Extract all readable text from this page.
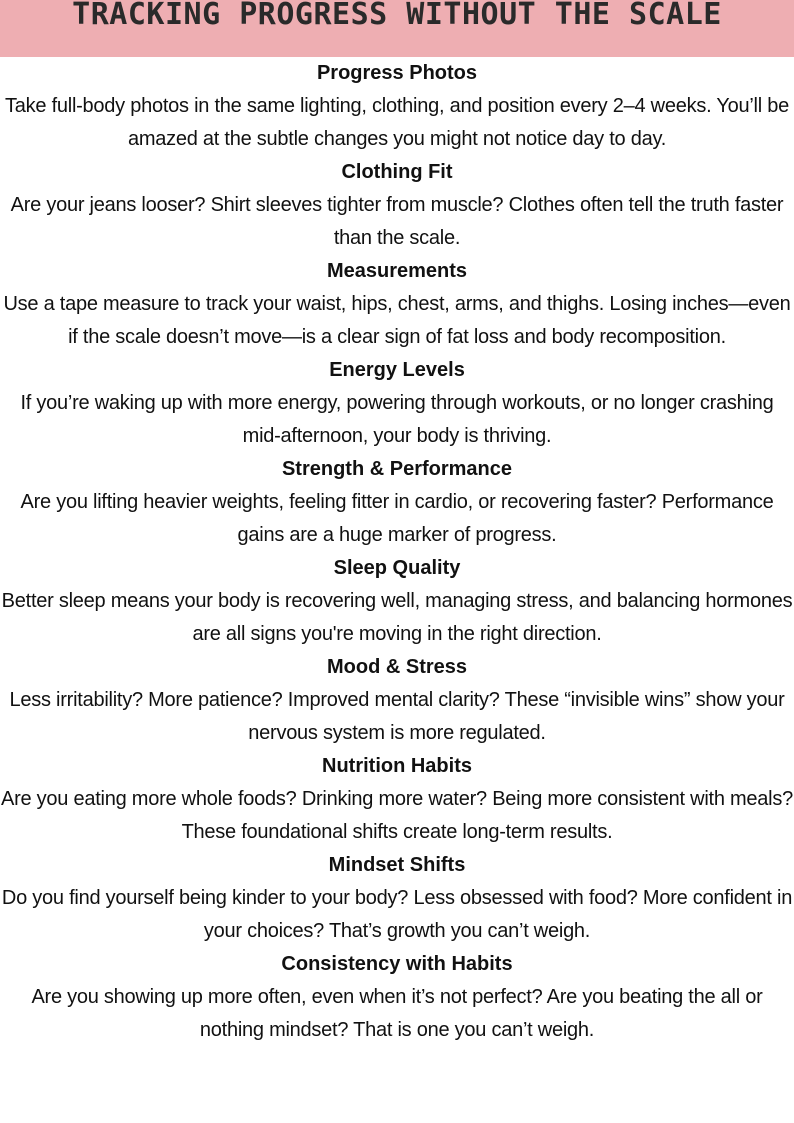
TRACKING PROGRESS WITHOUT THE SCALE

Progress Photos

Take full-body photos in the same lighting, clothing, and position every 2–4 weeks. You’ll be amazed at the subtle changes you might not notice day to day.

Clothing Fit

Are your jeans looser? Shirt sleeves tighter from muscle? Clothes often tell the truth faster than the scale.

Measurements

Use a tape measure to track your waist, hips, chest, arms, and thighs. Losing inches—even if the scale doesn’t move—is a clear sign of fat loss and body recomposition.

Energy Levels

If you’re waking up with more energy, powering through workouts, or no longer crashing mid-afternoon, your body is thriving.

Strength & Performance

Are you lifting heavier weights, feeling fitter in cardio, or recovering faster? Performance gains are a huge marker of progress.

Sleep Quality

Better sleep means your body is recovering well, managing stress, and balancing hormones are all signs you're moving in the right direction.

Mood & Stress

Less irritability? More patience? Improved mental clarity? These “invisible wins” show your nervous system is more regulated.

Nutrition Habits

Are you eating more whole foods? Drinking more water? Being more consistent with meals? These foundational shifts create long-term results.

Mindset Shifts

Do you find yourself being kinder to your body? Less obsessed with food? More confident in your choices? That’s growth you can’t weigh.

Consistency with Habits

Are you showing up more often, even when it’s not perfect? Are you beating the all or nothing mindset? That is one you can’t weigh.
